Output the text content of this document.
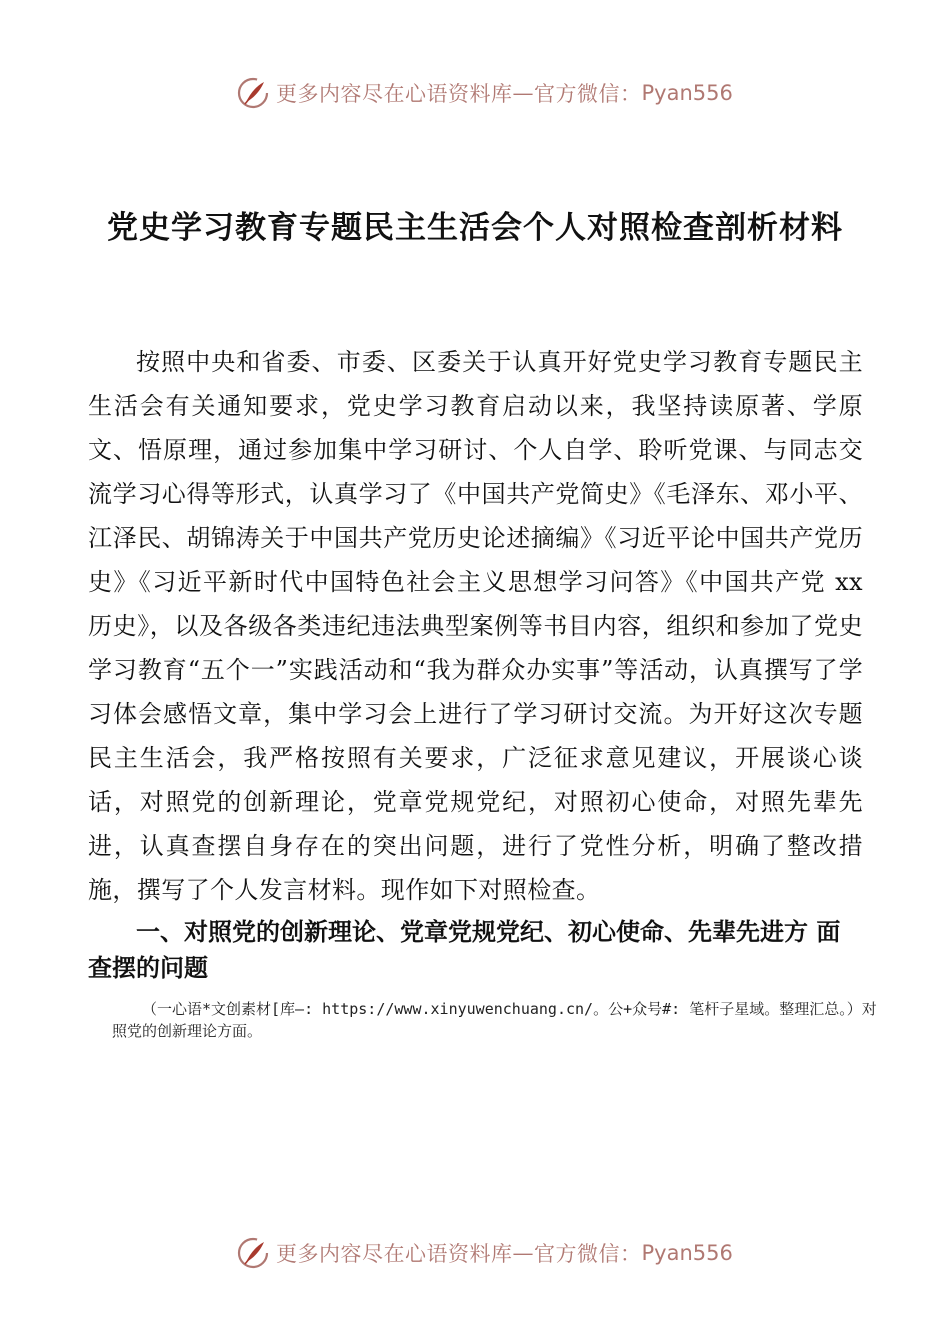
更多内容尽在心语资料库 — 官方微信： Pyan556
党史学习教育专题民主生活会个人对照检查剖析材料

按照中央和省委、市委、区委关于认真开好党史学习教育专题民主生活会有关通知要求，党史学习教育启动以来，我坚持读原著、学原文、悟原理，通过参加集中学习研讨、个人自学、聆听党课、与同志交流学习心得等形式，认真学习了《中国共产党简史》《毛泽东、邓小平、江泽民、胡锦涛关于中国共产党历史论述摘编》《习近平论中国共产党历史》《习近平新时代中国特色社会主义思想学习问答》《中国共产党 xx 历史》，以及各级各类违纪违法典型案例等书目内容，组织和参加了党史学习教育“五个一”实践活动和“我为群众办实事”等活动，认真撰写了学习体会感悟文章，集中学习会上进行了学习研讨交流。为开好这次专题民主生活会，我严格按照有关要求，广泛征求意见建议，开展谈心谈话，对照党的创新理论，党章党规党纪，对照初心使命，对照先辈先进，认真查摆自身存在的突出问题，进行了党性分析，明确了整改措施，撰写了个人发言材料。现作如下对照检查。

一、对照党的创新理论、党章党规党纪、初心使命、先辈先进方 面查摆的问题

（一心语*文创素材[库—: https://www.xinyuwenchuang.cn/。公+众号#: 笔杆子星域。整理汇总。）对照党的创新理论方面。

更多内容尽在心语资料库 — 官方微信： Pyan556
